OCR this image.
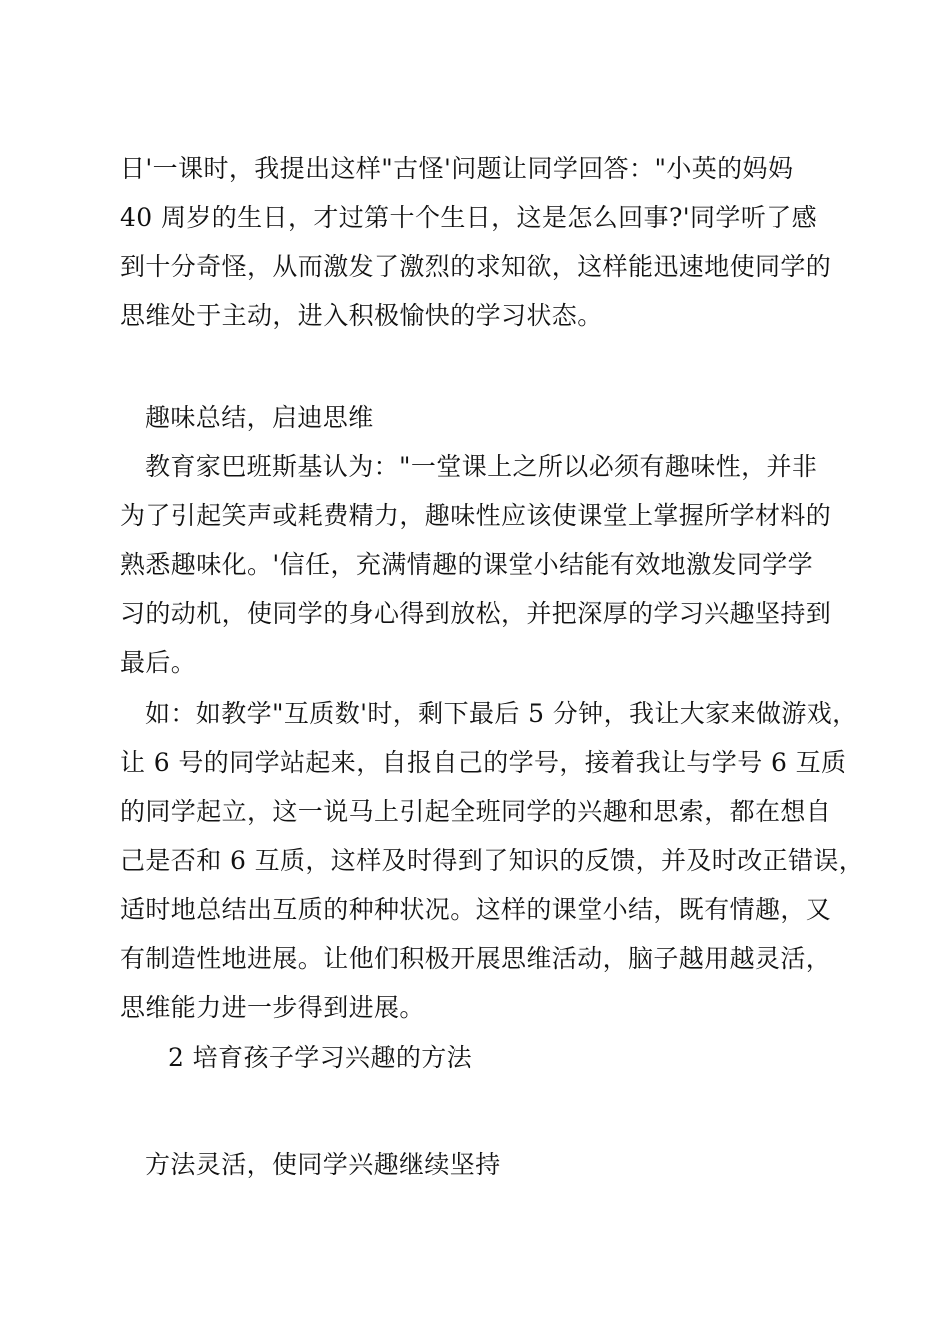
日'一课时，我提出这样"古怪'问题让同学回答："小英的妈妈
40 周岁的生日，才过第十个生日，这是怎么回事?'同学听了感
到十分奇怪，从而激发了激烈的求知欲，这样能迅速地使同学的
思维处于主动，进入积极愉快的学习状态。
趣味总结，启迪思维
教育家巴班斯基认为："一堂课上之所以必须有趣味性，并非
为了引起笑声或耗费精力，趣味性应该使课堂上掌握所学材料的
熟悉趣味化。'信任，充满情趣的课堂小结能有效地激发同学学
习的动机，使同学的身心得到放松，并把深厚的学习兴趣坚持到
最后。
如：如教学"互质数'时，剩下最后 5 分钟，我让大家来做游戏，
让 6 号的同学站起来，自报自己的学号，接着我让与学号 6 互质
的同学起立，这一说马上引起全班同学的兴趣和思索，都在想自
己是否和 6 互质，这样及时得到了知识的反馈，并及时改正错误，
适时地总结出互质的种种状况。这样的课堂小结，既有情趣，又
有制造性地进展。让他们积极开展思维活动，脑子越用越灵活，
思维能力进一步得到进展。
2 培育孩子学习兴趣的方法
方法灵活，使同学兴趣继续坚持
